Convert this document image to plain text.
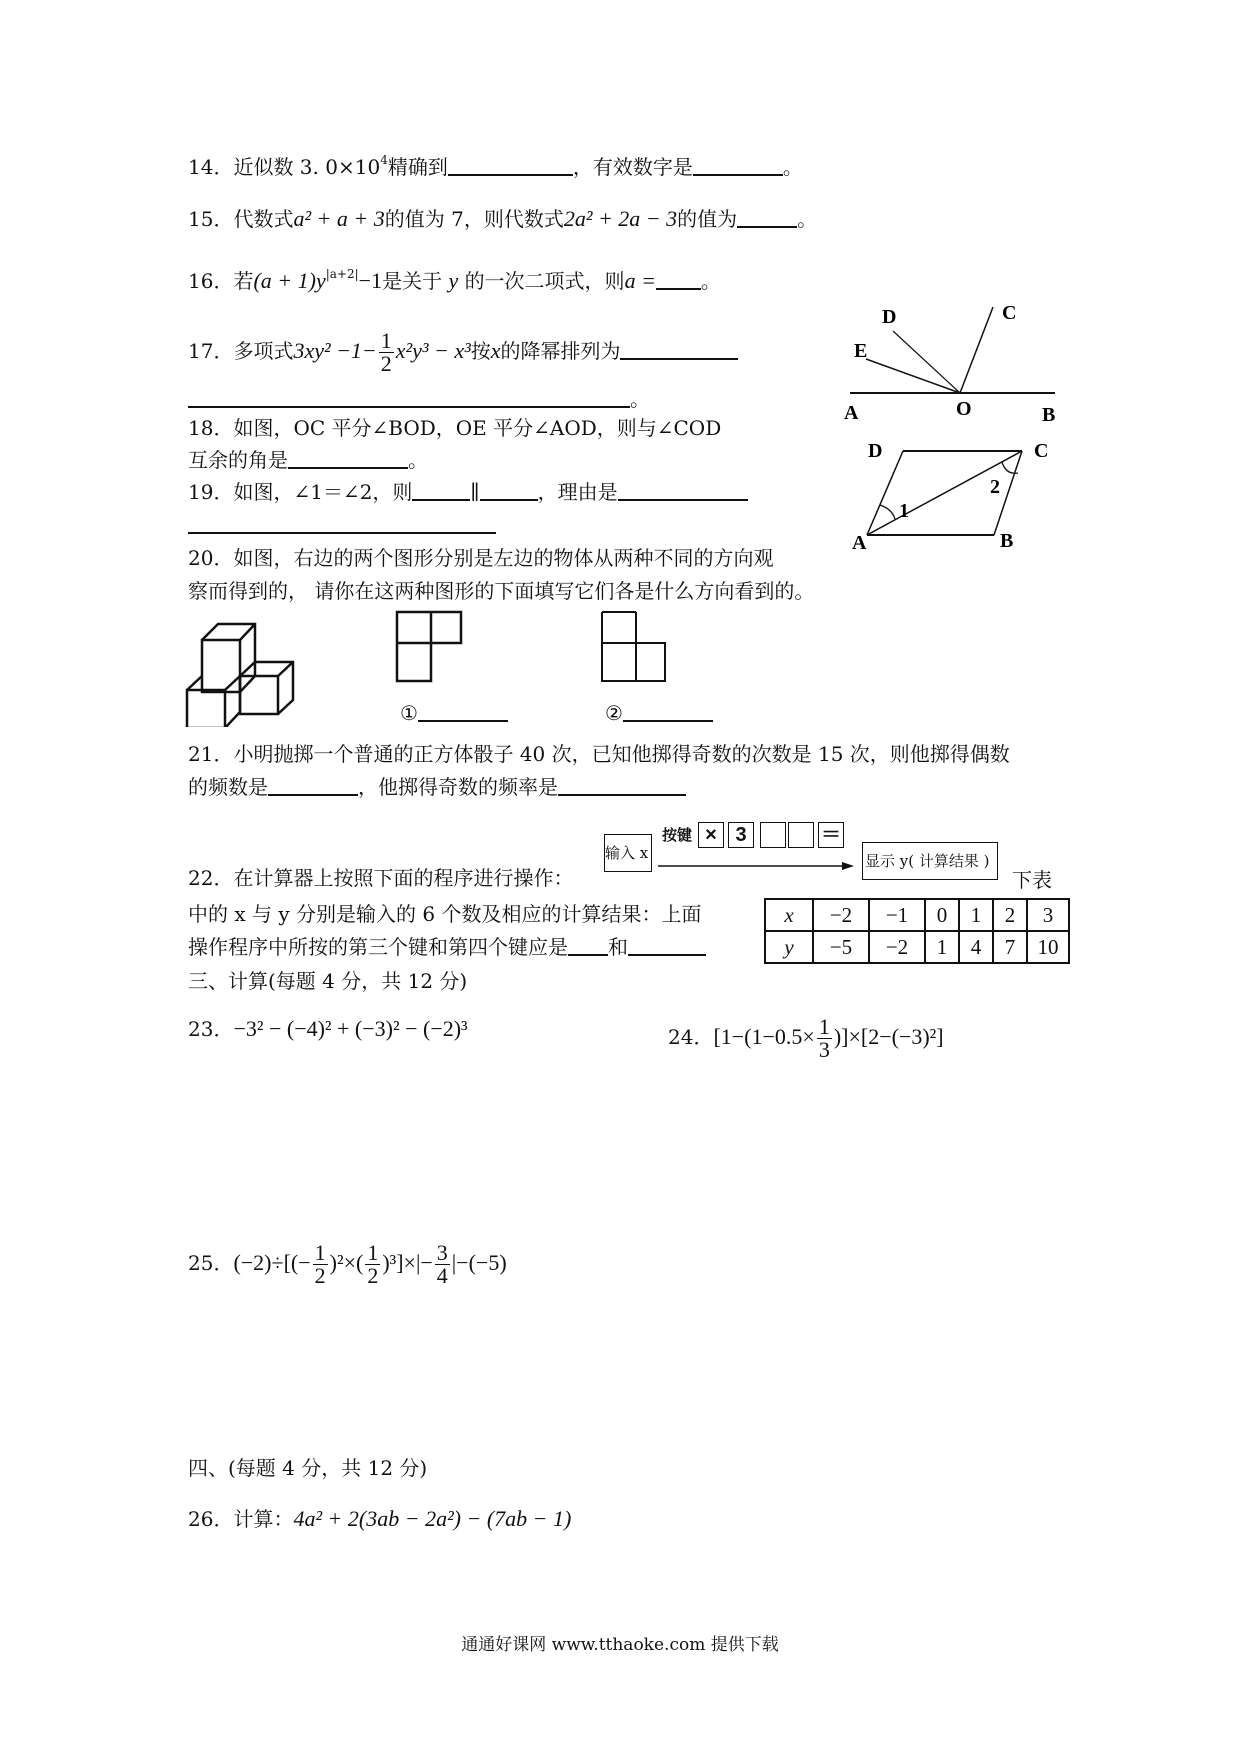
14．近似数 3. $0\times 10^4$精确到	，有效数字是	。
15．代数式a² + a + 3的值为 7，则代数式2a² + 2a − 3的值为	。
16．若$(a + 1)y^{|a+2|}-1$是关于 y 的一次二项式，则a = 。
17．多项式$3xy^2 -1- \frac{1}{2} x^2y^3 - x^3$按x的降幂排列为
。
18．如图，OC 平分∠BOD，OE 平分∠AOD，则与∠COD
互余的角是	。
19．如图，∠1＝∠2，则	∥	，理由是
D	C
E
A	O	B
D	C
1
2
A	B
20．如图，右边的两个图形分别是左边的物体从两种不同的方向观
察而得到的， 请你在这两种图形的下面填写它们各是什么方向看到的。
①	②
21．小明抛掷一个普通的正方体骰子 40 次，已知他掷得奇数的次数是 15 次，则他掷得偶数
的频数是	，他掷得奇数的频率是
输入 x
按键 × 3	＝
显示 y( 计算结果 )
22．在计算器上按照下面的程序进行操作：	下表
中的 x 与 y 分别是输入的 6 个数及相应的计算结果：上面
操作程序中所按的第三个键和第四个键应是 和
x	−2	−1	0	1	2	3
y	−5	−2	1	4	7	10
三、计算(每题 4 分，共 12 分)
23．−3² − (−4)² + (−3)² − (−2)³	24．$[1-(1-0.5\times \frac{1}{3} )]\times[2-(-3)^2]$
25．$(-2)\div[(- \frac{1}{2} )^2\times( \frac{1}{2} )^3]\times|- \frac{3}{4} |-(-5)$
四、(每题 4 分，共 12 分)
26．计算：4a² + 2(3ab − 2a²) − (7ab − 1)
通通好课网 www.tthaoke.com 提供下载
